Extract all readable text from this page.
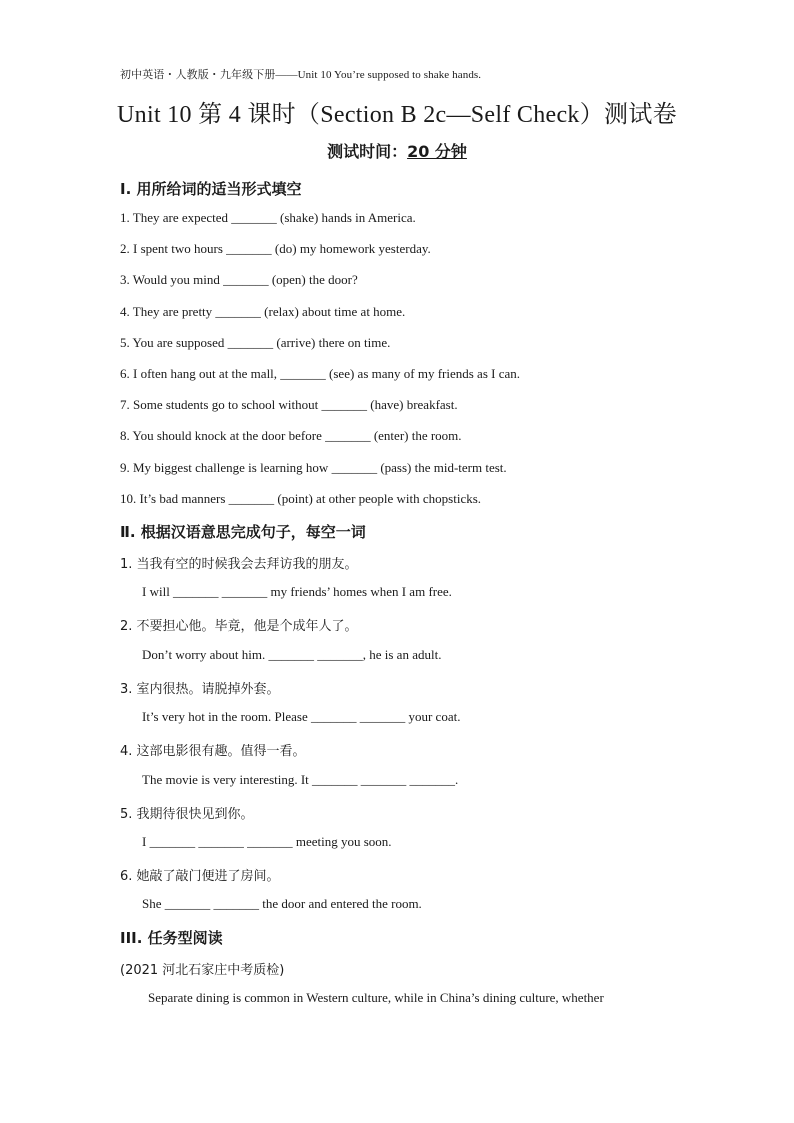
初中英语・人教版・九年级下册——Unit 10 You’re supposed to shake hands.
Unit 10 第 4 课时（Section B 2c—Self Check）测试卷
测试时间：20 分钟
Ⅰ. 用所给词的适当形式填空
1. They are expected _______ (shake) hands in America.
2. I spent two hours _______ (do) my homework yesterday.
3. Would you mind _______ (open) the door?
4. They are pretty _______ (relax) about time at home.
5. You are supposed _______ (arrive) there on time.
6. I often hang out at the mall, _______ (see) as many of my friends as I can.
7. Some students go to school without _______ (have) breakfast.
8. You should knock at the door before _______ (enter) the room.
9. My biggest challenge is learning how _______ (pass) the mid-term test.
10. It’s bad manners _______ (point) at other people with chopsticks.
Ⅱ. 根据汉语意思完成句子，每空一词
1. 当我有空的时候我会去拜访我的朋友。
I will _______ _______ my friends’ homes when I am free.
2. 不要担心他。毕竟，他是个成年人了。
Don’t worry about him. _______ _______, he is an adult.
3. 室内很热。请脱掉外套。
It’s very hot in the room. Please _______ _______ your coat.
4. 这部电影很有趣。值得一看。
The movie is very interesting. It _______ _______ _______.
5. 我期待很快见到你。
I _______ _______ _______ meeting you soon.
6. 她敲了敲门便进了房间。
She _______ _______ the door and entered the room.
III. 任务型阅读
(2021 河北石家庄中考质检)
Separate dining is common in Western culture, while in China’s dining culture, whether
